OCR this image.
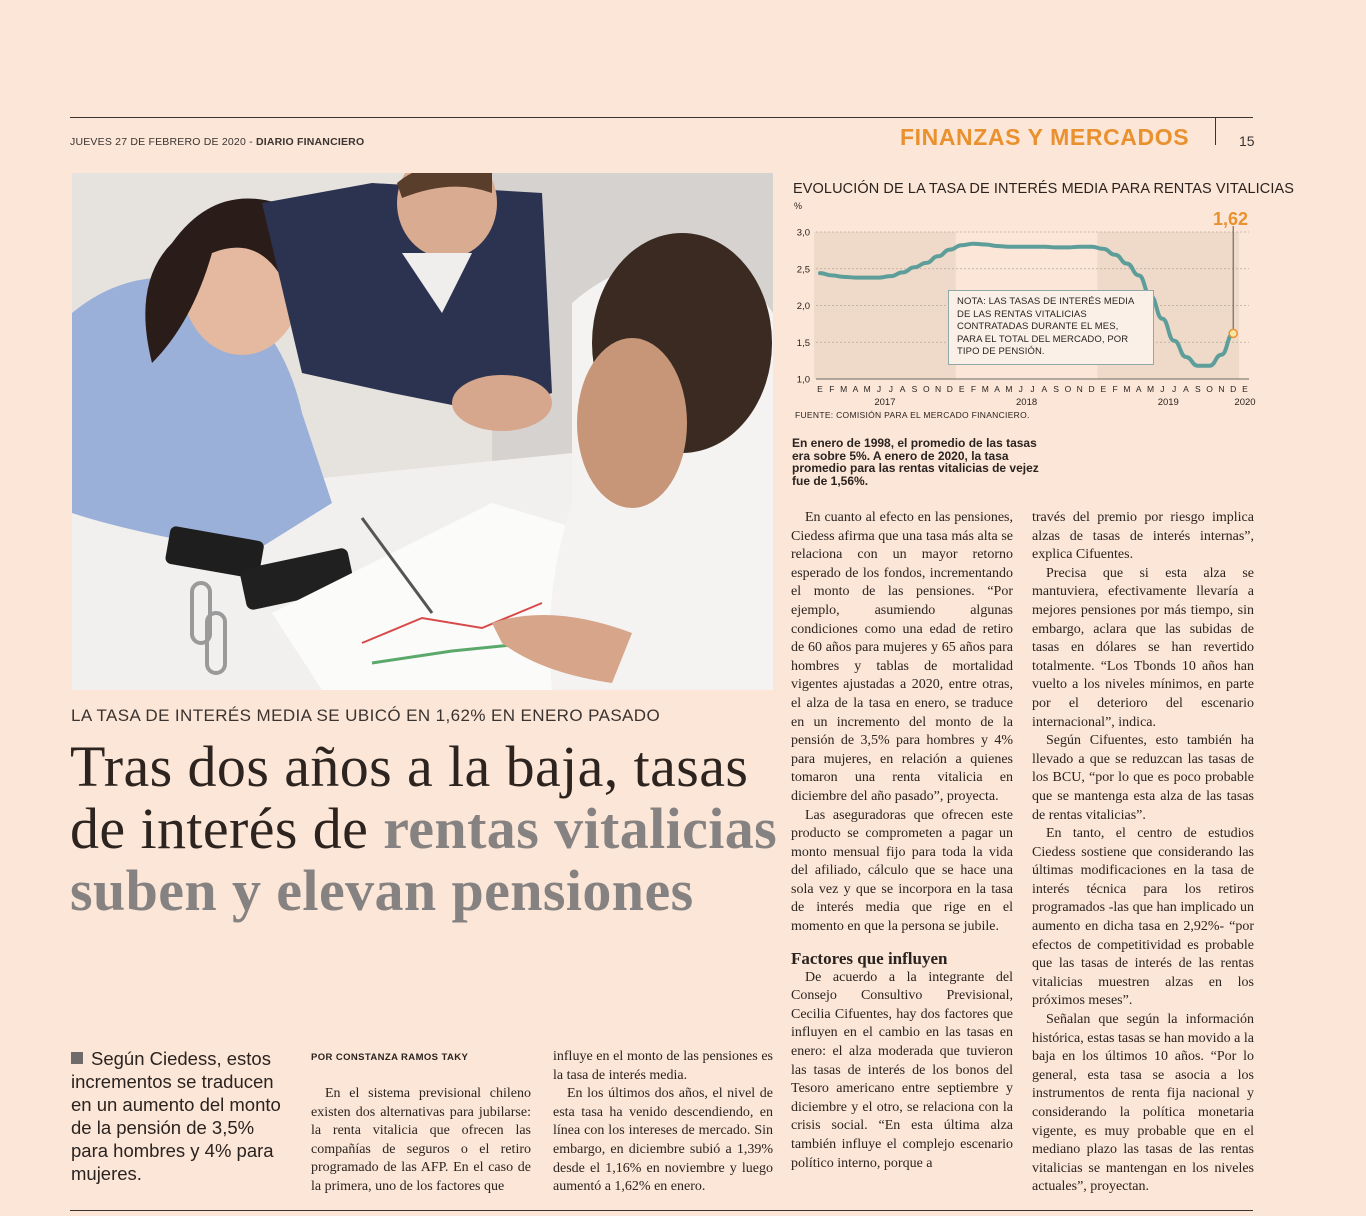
JUEVES 27 DE FEBRERO DE 2020 - DIARIO FINANCIERO	FINANZAS Y MERCADOS	15
EVOLUCIÓN DE LA TASA DE INTERÉS MEDIA PARA RENTAS VITALICIAS
%
1,62
3,0
2,5
2,0
1,5
1,0
E F M A M J J A S O N D E F M A M J J A S O N D E F M A M J J A S O N D E
2017	2018	2019	2020
NOTA: LAS TASAS DE INTERÉS MEDIA DE LAS RENTAS VITALICIAS CONTRATADAS DURANTE EL MES, PARA EL TOTAL DEL MERCADO, POR TIPO DE PENSIÓN.
FUENTE: COMISIÓN PARA EL MERCADO FINANCIERO.
En enero de 1998, el promedio de las tasas era sobre 5%. A enero de 2020, la tasa promedio para las rentas vitalicias de vejez fue de 1,56%.
LA TASA DE INTERÉS MEDIA SE UBICÓ EN 1,62% EN ENERO PASADO
Tras dos años a la baja, tasas de interés de rentas vitalicias suben y elevan pensiones
Según Ciedess, estos incrementos se traducen en un aumento del monto de la pensión de 3,5% para hombres y 4% para mujeres.
POR CONSTANZA RAMOS TAKY

En el sistema previsional chileno existen dos alternativas para jubilarse: la renta vitalicia que ofrecen las compañías de seguros o el retiro programado de las AFP. En el caso de la primera, uno de los factores que

influye en el monto de las pensiones es la tasa de interés media.

En los últimos dos años, el nivel de esta tasa ha venido descendiendo, en línea con los intereses de mercado. Sin embargo, en diciembre subió a 1,39% desde el 1,16% en noviembre y luego aumentó a 1,62% en enero.

En cuanto al efecto en las pensiones, Ciedess afirma que una tasa más alta se relaciona con un mayor retorno esperado de los fondos, incrementando el monto de las pensiones. “Por ejemplo, asumiendo algunas condiciones como una edad de retiro de 60 años para mujeres y 65 años para hombres y tablas de mortalidad vigentes ajustadas a 2020, entre otras, el alza de la tasa en enero, se traduce en un incremento del monto de la pensión de 3,5% para hombres y 4% para mujeres, en relación a quienes tomaron una renta vitalicia en diciembre del año pasado”, proyecta.

Las aseguradoras que ofrecen este producto se comprometen a pagar un monto mensual fijo para toda la vida del afiliado, cálculo que se hace una sola vez y que se incorpora en la tasa de interés media que rige en el momento en que la persona se jubile.

Factores que influyen

De acuerdo a la integrante del Consejo Consultivo Previsional, Cecilia Cifuentes, hay dos factores que influyen en el cambio en las tasas en enero: el alza moderada que tuvieron las tasas de interés de los bonos del Tesoro americano entre septiembre y diciembre y el otro, se relaciona con la crisis social. “En esta última alza también influye el complejo escenario político interno, porque a

través del premio por riesgo implica alzas de tasas de interés internas”, explica Cifuentes.

Precisa que si esta alza se mantuviera, efectivamente llevaría a mejores pensiones por más tiempo, sin embargo, aclara que las subidas de tasas en dólares se han revertido totalmente. “Los Tbonds 10 años han vuelto a los niveles mínimos, en parte por el deterioro del escenario internacional”, indica.

Según Cifuentes, esto también ha llevado a que se reduzcan las tasas de los BCU, “por lo que es poco probable que se mantenga esta alza de las tasas de rentas vitalicias”.

En tanto, el centro de estudios Ciedess sostiene que considerando las últimas modificaciones en la tasa de interés técnica para los retiros programados -las que han implicado un aumento en dicha tasa en 2,92%- “por efectos de competitividad es probable que las tasas de interés de las rentas vitalicias muestren alzas en los próximos meses”.

Señalan que según la información histórica, estas tasas se han movido a la baja en los últimos 10 años. “Por lo general, esta tasa se asocia a los instrumentos de renta fija nacional y considerando la política monetaria vigente, es muy probable que en el mediano plazo las tasas de las rentas vitalicias se mantengan en los niveles actuales”, proyectan.
